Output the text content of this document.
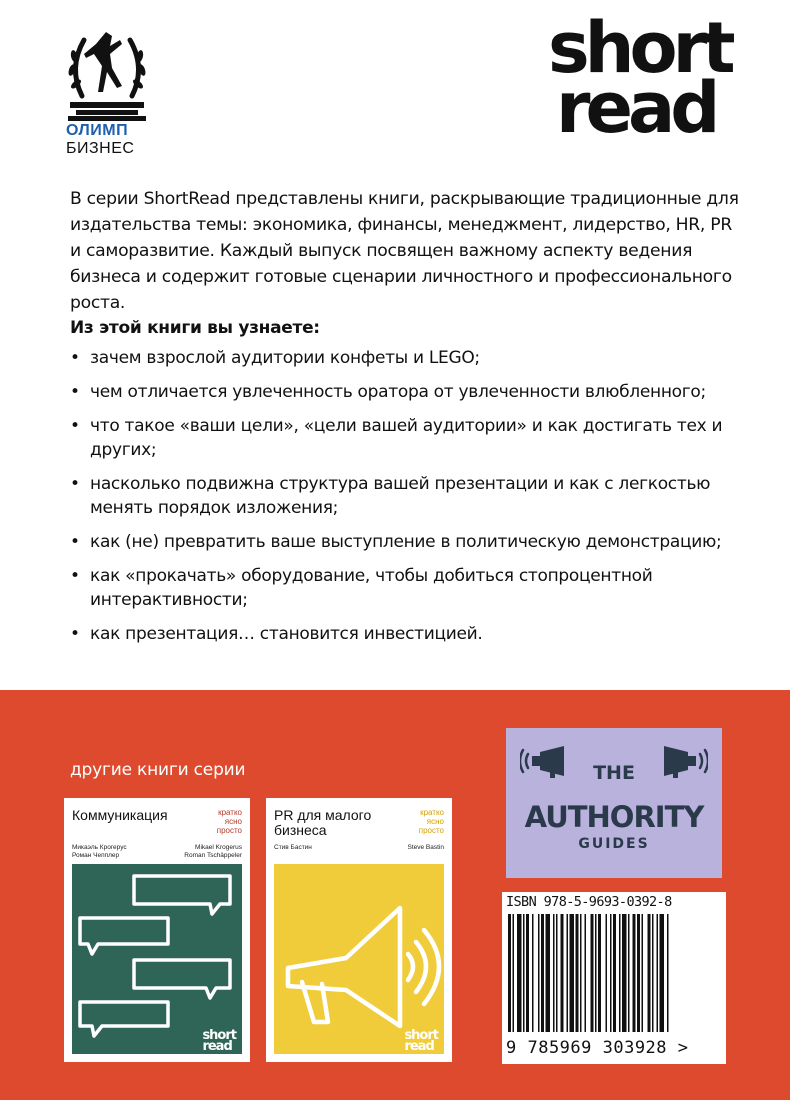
ОЛИМП
БИЗНЕС
short
read
В серии ShortRead представлены книги, раскрывающие традиционные для издательства темы: экономика, финансы, менеджмент, лидерство, HR, PR и саморазвитие. Каждый выпуск посвящен важному аспекту ведения бизнеса и содержит готовые сценарии личностного и профессионального роста.
Из этой книги вы узнаете:
• зачем взрослой аудитории конфеты и LEGO;
• чем отличается увлеченность оратора от увлеченности влюбленного;
• что такое «ваши цели», «цели вашей аудитории» и как достигать тех и других;
• насколько подвижна структура вашей презентации и как с легкостью менять порядок изложения;
• как (не) превратить ваше выступление в политическую демонстрацию;
• как «прокачать» оборудование, чтобы добиться стопроцентной интерактивности;
• как презентация… становится инвестицией.
другие книги серии
Коммуникация	кратко
ясно
просто
Микаэль Крогерус
Роман Чепплер
Mikael Krogerus
Roman Tschäppeler
short
read
PR для малого бизнеса
кратко
ясно
просто
Стив Бастин	Steve Bastin
short
read
THE
AUTHORITY
GUIDES
ISBN 978-5-9693-0392-8
9 785969 303928 >
